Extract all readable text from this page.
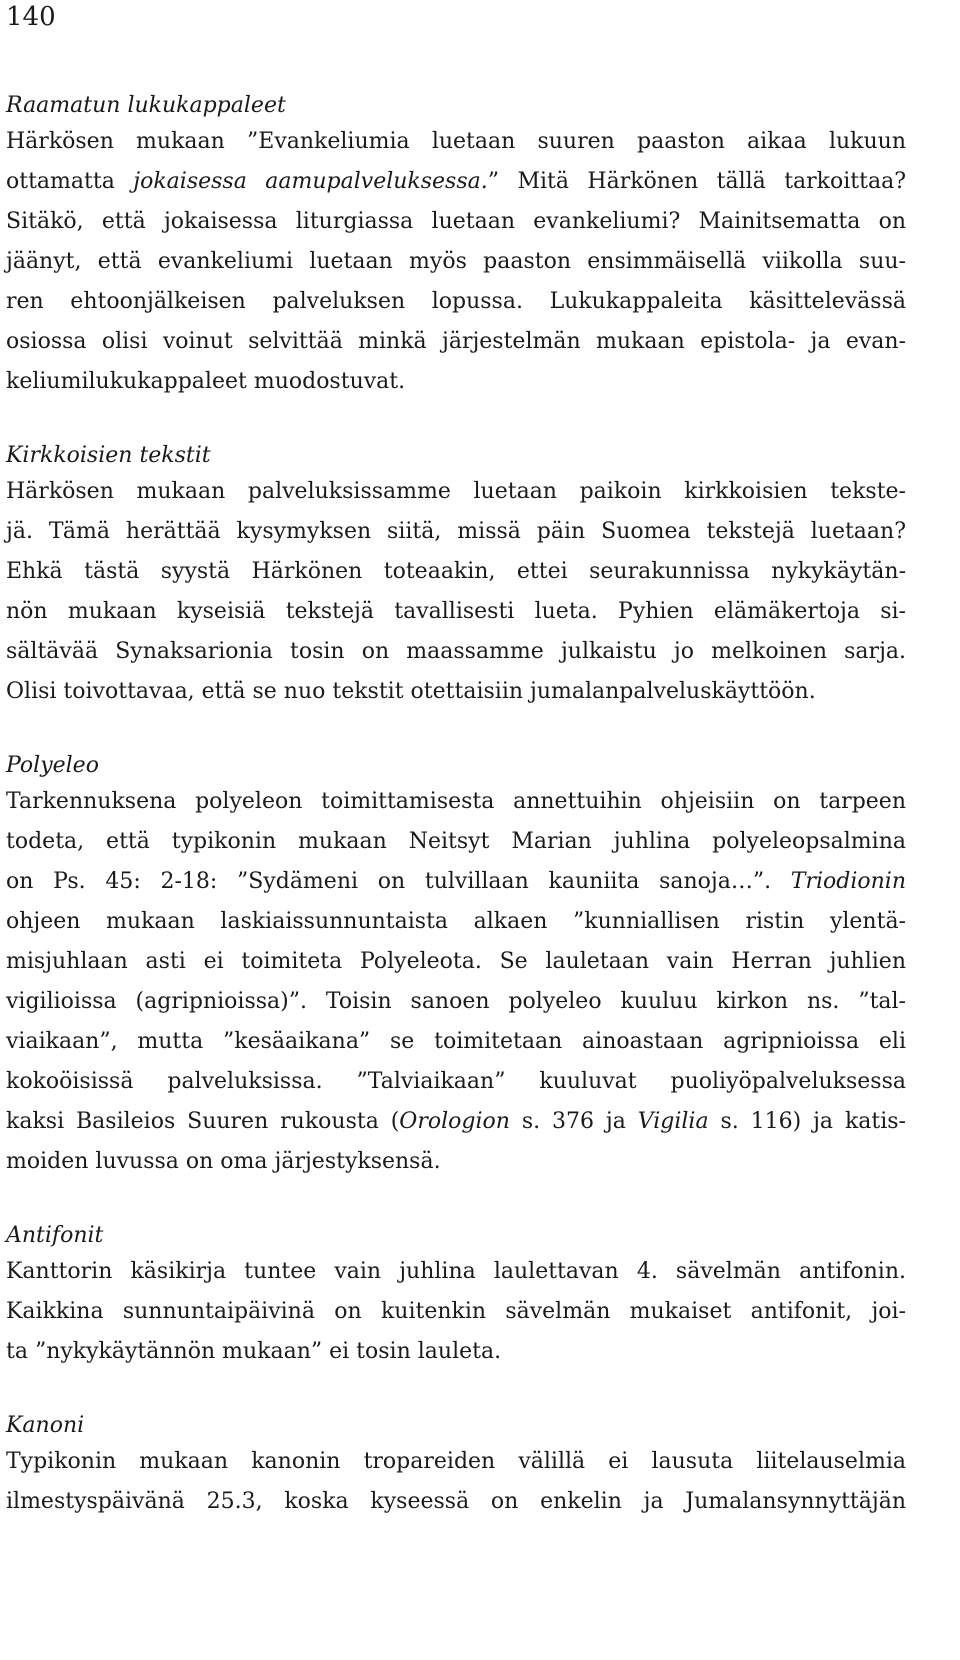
140
Raamatun lukukappaleet

Härkösen mukaan ”Evankeliumia luetaan suuren paaston aikaa lukuun

ottamatta jokaisessa aamupalveluksessa.” Mitä Härkönen tällä tarkoittaa?

Sitäkö, että jokaisessa liturgiassa luetaan evankeliumi? Mainitsematta on

jäänyt, että evankeliumi luetaan myös paaston ensimmäisellä viikolla suu-

ren ehtoonjälkeisen palveluksen lopussa. Lukukappaleita käsittelevässä

osiossa olisi voinut selvittää minkä järjestelmän mukaan epistola- ja evan-

keliumilukukappaleet muodostuvat.

Kirkkoisien tekstit

Härkösen mukaan palveluksissamme luetaan paikoin kirkkoisien tekste-

jä. Tämä herättää kysymyksen siitä, missä päin Suomea tekstejä luetaan?

Ehkä tästä syystä Härkönen toteaakin, ettei seurakunnissa nykykäytän-

nön mukaan kyseisiä tekstejä tavallisesti lueta. Pyhien elämäkertoja si-

sältävää Synaksarionia tosin on maassamme julkaistu jo melkoinen sarja.

Olisi toivottavaa, että se nuo tekstit otettaisiin jumalanpalveluskäyttöön.

Polyeleo

Tarkennuksena polyeleon toimittamisesta annettuihin ohjeisiin on tarpeen

todeta, että typikonin mukaan Neitsyt Marian juhlina polyeleopsalmina

on Ps. 45: 2-18: ”Sydämeni on tulvillaan kauniita sanoja…”. Triodionin

ohjeen mukaan laskiaissunnuntaista alkaen ”kunniallisen ristin ylentä-

misjuhlaan asti ei toimiteta Polyeleota. Se lauletaan vain Herran juhlien

vigilioissa (agripnioissa)”. Toisin sanoen polyeleo kuuluu kirkon ns. ”tal-

viaikaan”, mutta ”kesäaikana” se toimitetaan ainoastaan agripnioissa eli

kokoöisissä palveluksissa. ”Talviaikaan” kuuluvat puoliyöpalveluksessa

kaksi Basileios Suuren rukousta (Orologion s. 376 ja Vigilia s. 116) ja katis-

moiden luvussa on oma järjestyksensä.

Antifonit

Kanttorin käsikirja tuntee vain juhlina laulettavan 4. sävelmän antifonin.

Kaikkina sunnuntaipäivinä on kuitenkin sävelmän mukaiset antifonit, joi-

ta ”nykykäytännön mukaan” ei tosin lauleta.

Kanoni

Typikonin mukaan kanonin tropareiden välillä ei lausuta liitelauselmia

ilmestyspäivänä 25.3, koska kyseessä on enkelin ja Jumalansynnyttäjän
